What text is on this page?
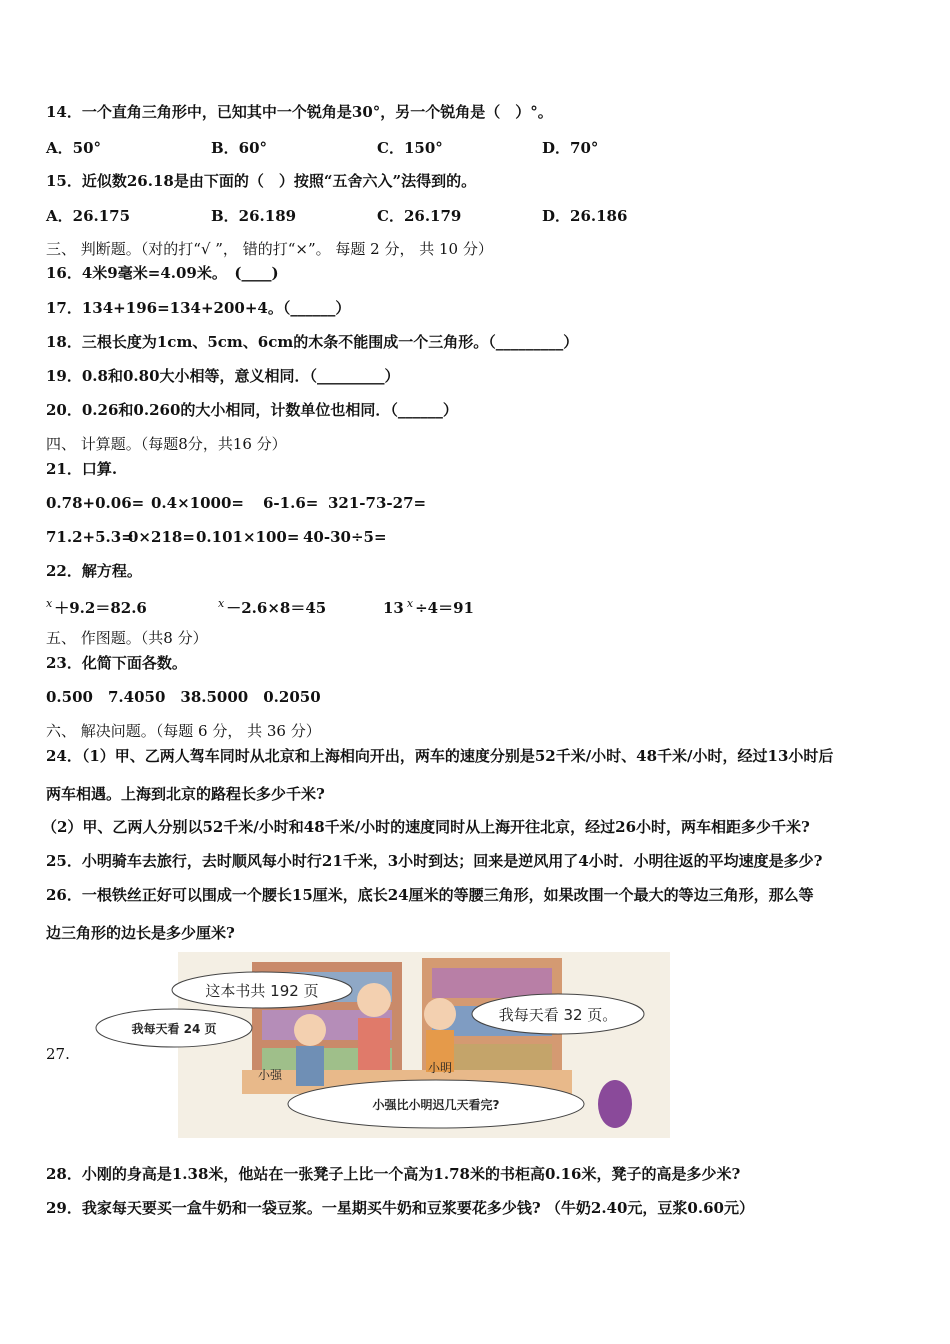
14．一个直角三角形中，已知其中一个锐角是30°，另一个锐角是（　）°。
A．50°	B．60°	C．150°	D．70°
15．近似数26.18是由下面的（　）按照“五舍六入”法得到的。
A．26.175	B．26.189	C．26.179	D．26.186
三、 判断题。（对的打“√ ”， 错的打“×”。 每题 2 分， 共 10 分）
16．4米9毫米=4.09米。　(____)
17．134+196=134+200+4。（______）
18．三根长度为1cm、5cm、6cm的木条不能围成一个三角形。（_________）
19．0.8和0.80大小相等，意义相同．（_________）
20．0.26和0.260的大小相同，计数单位也相同．（______）
四、 计算题。（每题8分，共16 分）
21．口算.
0.78+0.06= 0.4×1000= 6-1.6= 321-73-27=
71.2+5.3=0×218=0.101×100= 40-30÷5=
22．解方程。
$^x$ ＋9.2＝82.6	$^x$ －2.6×8＝45	13 $^x$ ÷4＝91
五、 作图题。（共8 分）
23．化简下面各数。
0.500　7.4050　38.5000　0.2050
六、 解决问题。（每题 6 分， 共 36 分）
24．（1）甲、乙两人驾车同时从北京和上海相向开出，两车的速度分别是52千米/小时、48千米/小时，经过13小时后
两车相遇。上海到北京的路程长多少千米?
（2）甲、乙两人分别以52千米/小时和48千米/小时的速度同时从上海开往北京，经过26小时，两车相距多少千米?
25．小明骑车去旅行，去时顺风每小时行21千米，3小时到达；回来是逆风用了4小时．小明往返的平均速度是多少?
26．一根铁丝正好可以围成一个腰长15厘米，底长24厘米的等腰三角形，如果改围一个最大的等边三角形，那么等
边三角形的边长是多少厘米?
27.
这本书共 192 页
我每天看 24 页
我每天看 32 页。
小强比小明迟几天看完?
小强	小明
28．小刚的身高是1.38米，他站在一张凳子上比一个高为1.78米的书柜高0.16米，凳子的高是多少米?
29．我家每天要买一盒牛奶和一袋豆浆。一星期买牛奶和豆浆要花多少钱? （牛奶2.40元，豆浆0.60元）
